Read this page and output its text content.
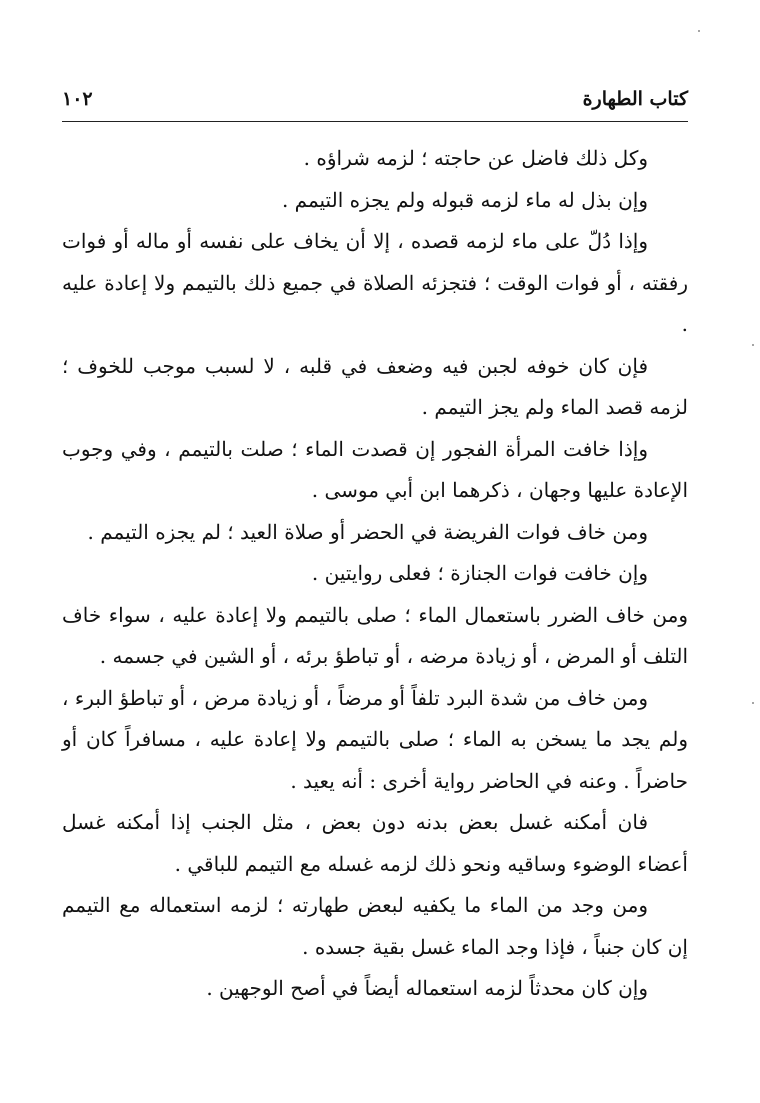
كتاب الطهارة
١٠٢

وكل ذلك فاضل عن حاجته ؛ لزمه شراؤه .

وإن بذل له ماء لزمه قبوله ولم يجزه التيمم .

وإذا دُلّ على ماء لزمه قصده ، إلا أن يخاف على نفسه أو ماله أو فوات رفقته ، أو فوات الوقت ؛ فتجزئه الصلاة في جميع ذلك بالتيمم ولا إعادة عليه .

فإن كان خوفه لجبن فيه وضعف في قلبه ، لا لسبب موجب للخوف ؛ لزمه قصد الماء ولم يجز التيمم .

وإذا خافت المرأة الفجور إن قصدت الماء ؛ صلت بالتيمم ، وفي وجوب الإعادة عليها وجهان ، ذكرهما ابن أبي موسى .

ومن خاف فوات الفريضة في الحضر أو صلاة العيد ؛ لم يجزه التيمم .

وإن خافت فوات الجنازة ؛ فعلى روايتين .

ومن خاف الضرر باستعمال الماء ؛ صلى بالتيمم ولا إعادة عليه ، سواء خاف التلف أو المرض ، أو زيادة مرضه ، أو تباطؤ برئه ، أو الشين في جسمه .

ومن خاف من شدة البرد تلفاً أو مرضاً ، أو زيادة مرض ، أو تباطؤ البرء ، ولم يجد ما يسخن به الماء ؛ صلى بالتيمم ولا إعادة عليه ، مسافراً كان أو حاضراً . وعنه في الحاضر رواية أخرى : أنه يعيد .

فان أمكنه غسل بعض بدنه دون بعض ، مثل الجنب إذا أمكنه غسل أعضاء الوضوء وساقيه ونحو ذلك لزمه غسله مع التيمم للباقي .

ومن وجد من الماء ما يكفيه لبعض طهارته ؛ لزمه استعماله مع التيمم إن كان جنباً ، فإذا وجد الماء غسل بقية جسده .

وإن كان محدثاً لزمه استعماله أيضاً في أصح الوجهين .
